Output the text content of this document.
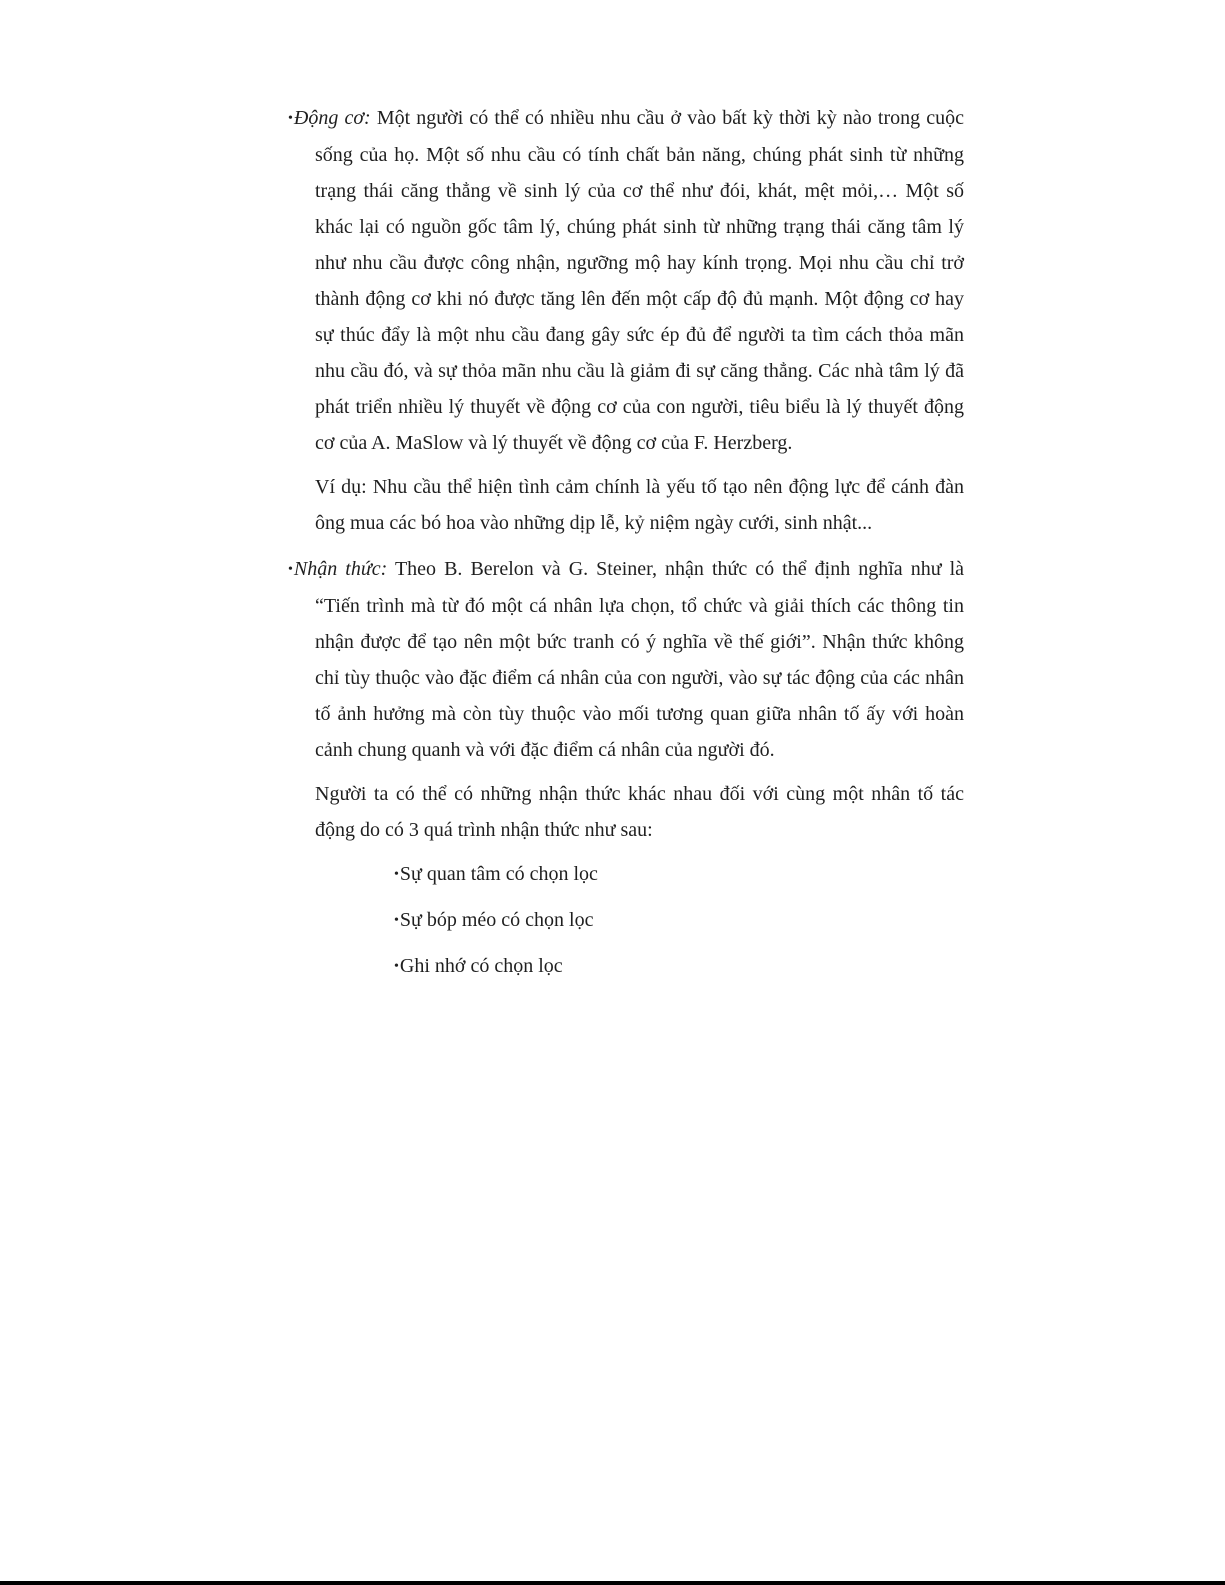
•Động cơ: Một người có thể có nhiều nhu cầu ở vào bất kỳ thời kỳ nào trong cuộc sống của họ. Một số nhu cầu có tính chất bản năng, chúng phát sinh từ những trạng thái căng thẳng về sinh lý của cơ thể như đói, khát, mệt mỏi,… Một số khác lại có nguồn gốc tâm lý, chúng phát sinh từ những trạng thái căng tâm lý như nhu cầu được công nhận, ngưỡng mộ hay kính trọng. Mọi nhu cầu chỉ trở thành động cơ khi nó được tăng lên đến một cấp độ đủ mạnh. Một động cơ hay sự thúc đẩy là một nhu cầu đang gây sức ép đủ để người ta tìm cách thỏa mãn nhu cầu đó, và sự thỏa mãn nhu cầu là giảm đi sự căng thẳng. Các nhà tâm lý đã phát triển nhiều lý thuyết về động cơ của con người, tiêu biểu là lý thuyết động cơ của A. MaSlow và lý thuyết về động cơ của F. Herzberg.

Ví dụ: Nhu cầu thể hiện tình cảm chính là yếu tố tạo nên động lực để cánh đàn ông mua các bó hoa vào những dịp lễ, kỷ niệm ngày cưới, sinh nhật...

•Nhận thức: Theo B. Berelon và G. Steiner, nhận thức có thể định nghĩa như là “Tiến trình mà từ đó một cá nhân lựa chọn, tổ chức và giải thích các thông tin nhận được để tạo nên một bức tranh có ý nghĩa về thế giới”. Nhận thức không chỉ tùy thuộc vào đặc điểm cá nhân của con người, vào sự tác động của các nhân tố ảnh hưởng mà còn tùy thuộc vào mối tương quan giữa nhân tố ấy với hoàn cảnh chung quanh và với đặc điểm cá nhân của người đó.

Người ta có thể có những nhận thức khác nhau đối với cùng một nhân tố tác động do có 3 quá trình nhận thức như sau:

•Sự quan tâm có chọn lọc
•Sự bóp méo có chọn lọc
•Ghi nhớ có chọn lọc
